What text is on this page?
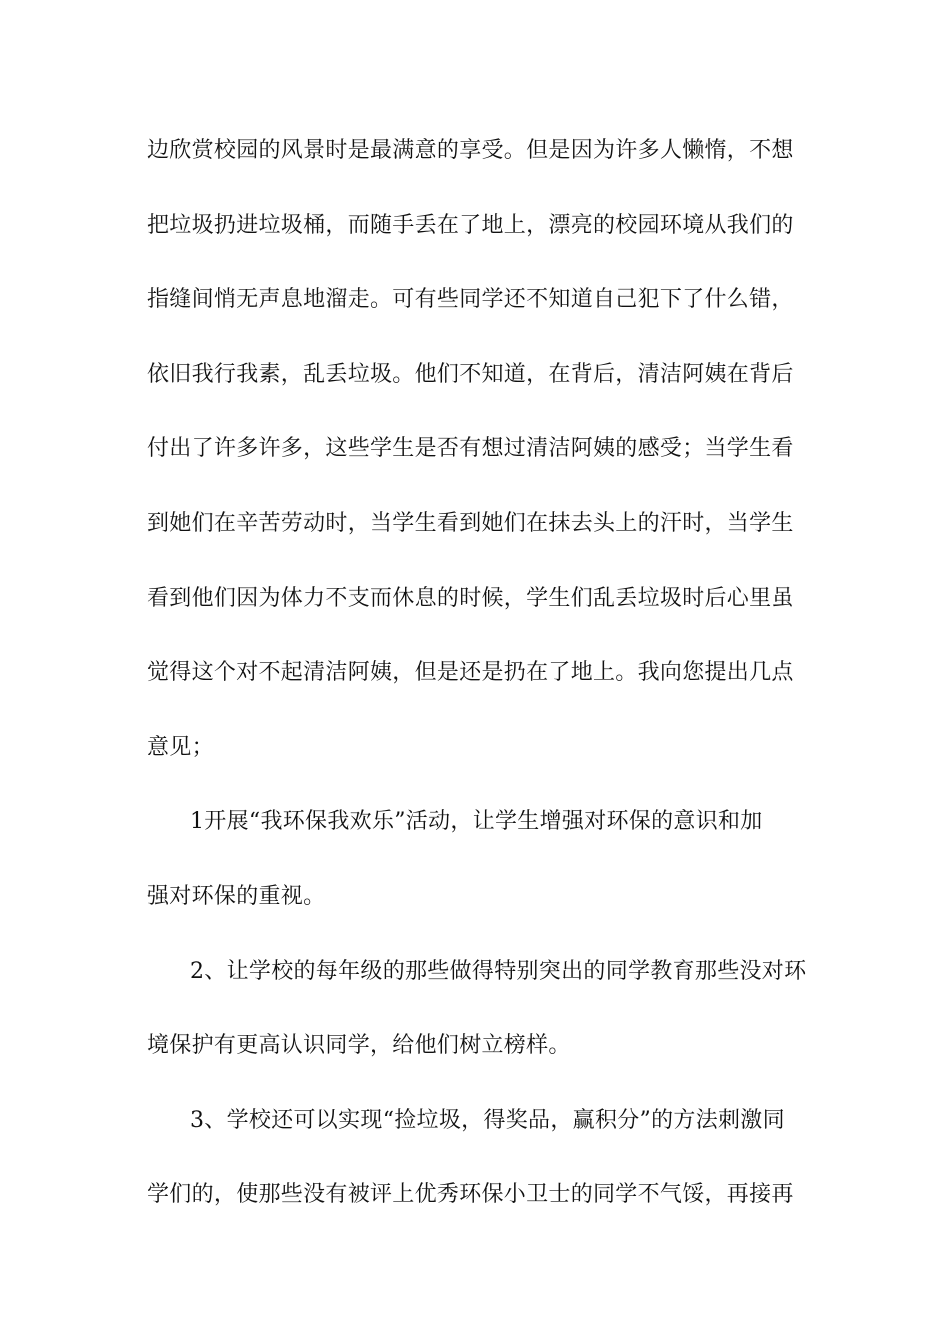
边欣赏校园的风景时是最满意的享受。但是因为许多人懒惰，不想
把垃圾扔进垃圾桶，而随手丢在了地上，漂亮的校园环境从我们的
指缝间悄无声息地溜走。可有些同学还不知道自己犯下了什么错，
依旧我行我素，乱丢垃圾。他们不知道，在背后，清洁阿姨在背后
付出了许多许多，这些学生是否有想过清洁阿姨的感受；当学生看
到她们在辛苦劳动时，当学生看到她们在抹去头上的汗时，当学生
看到他们因为体力不支而休息的时候，学生们乱丢垃圾时后心里虽
觉得这个对不起清洁阿姨，但是还是扔在了地上。我向您提出几点
意见；
1开展“我环保我欢乐”活动，让学生增强对环保的意识和加
强对环保的重视。
2、让学校的每年级的那些做得特别突出的同学教育那些没对环
境保护有更高认识同学，给他们树立榜样。
3、学校还可以实现“捡垃圾，得奖品，赢积分”的方法刺激同
学们的，使那些没有被评上优秀环保小卫士的同学不气馁，再接再
